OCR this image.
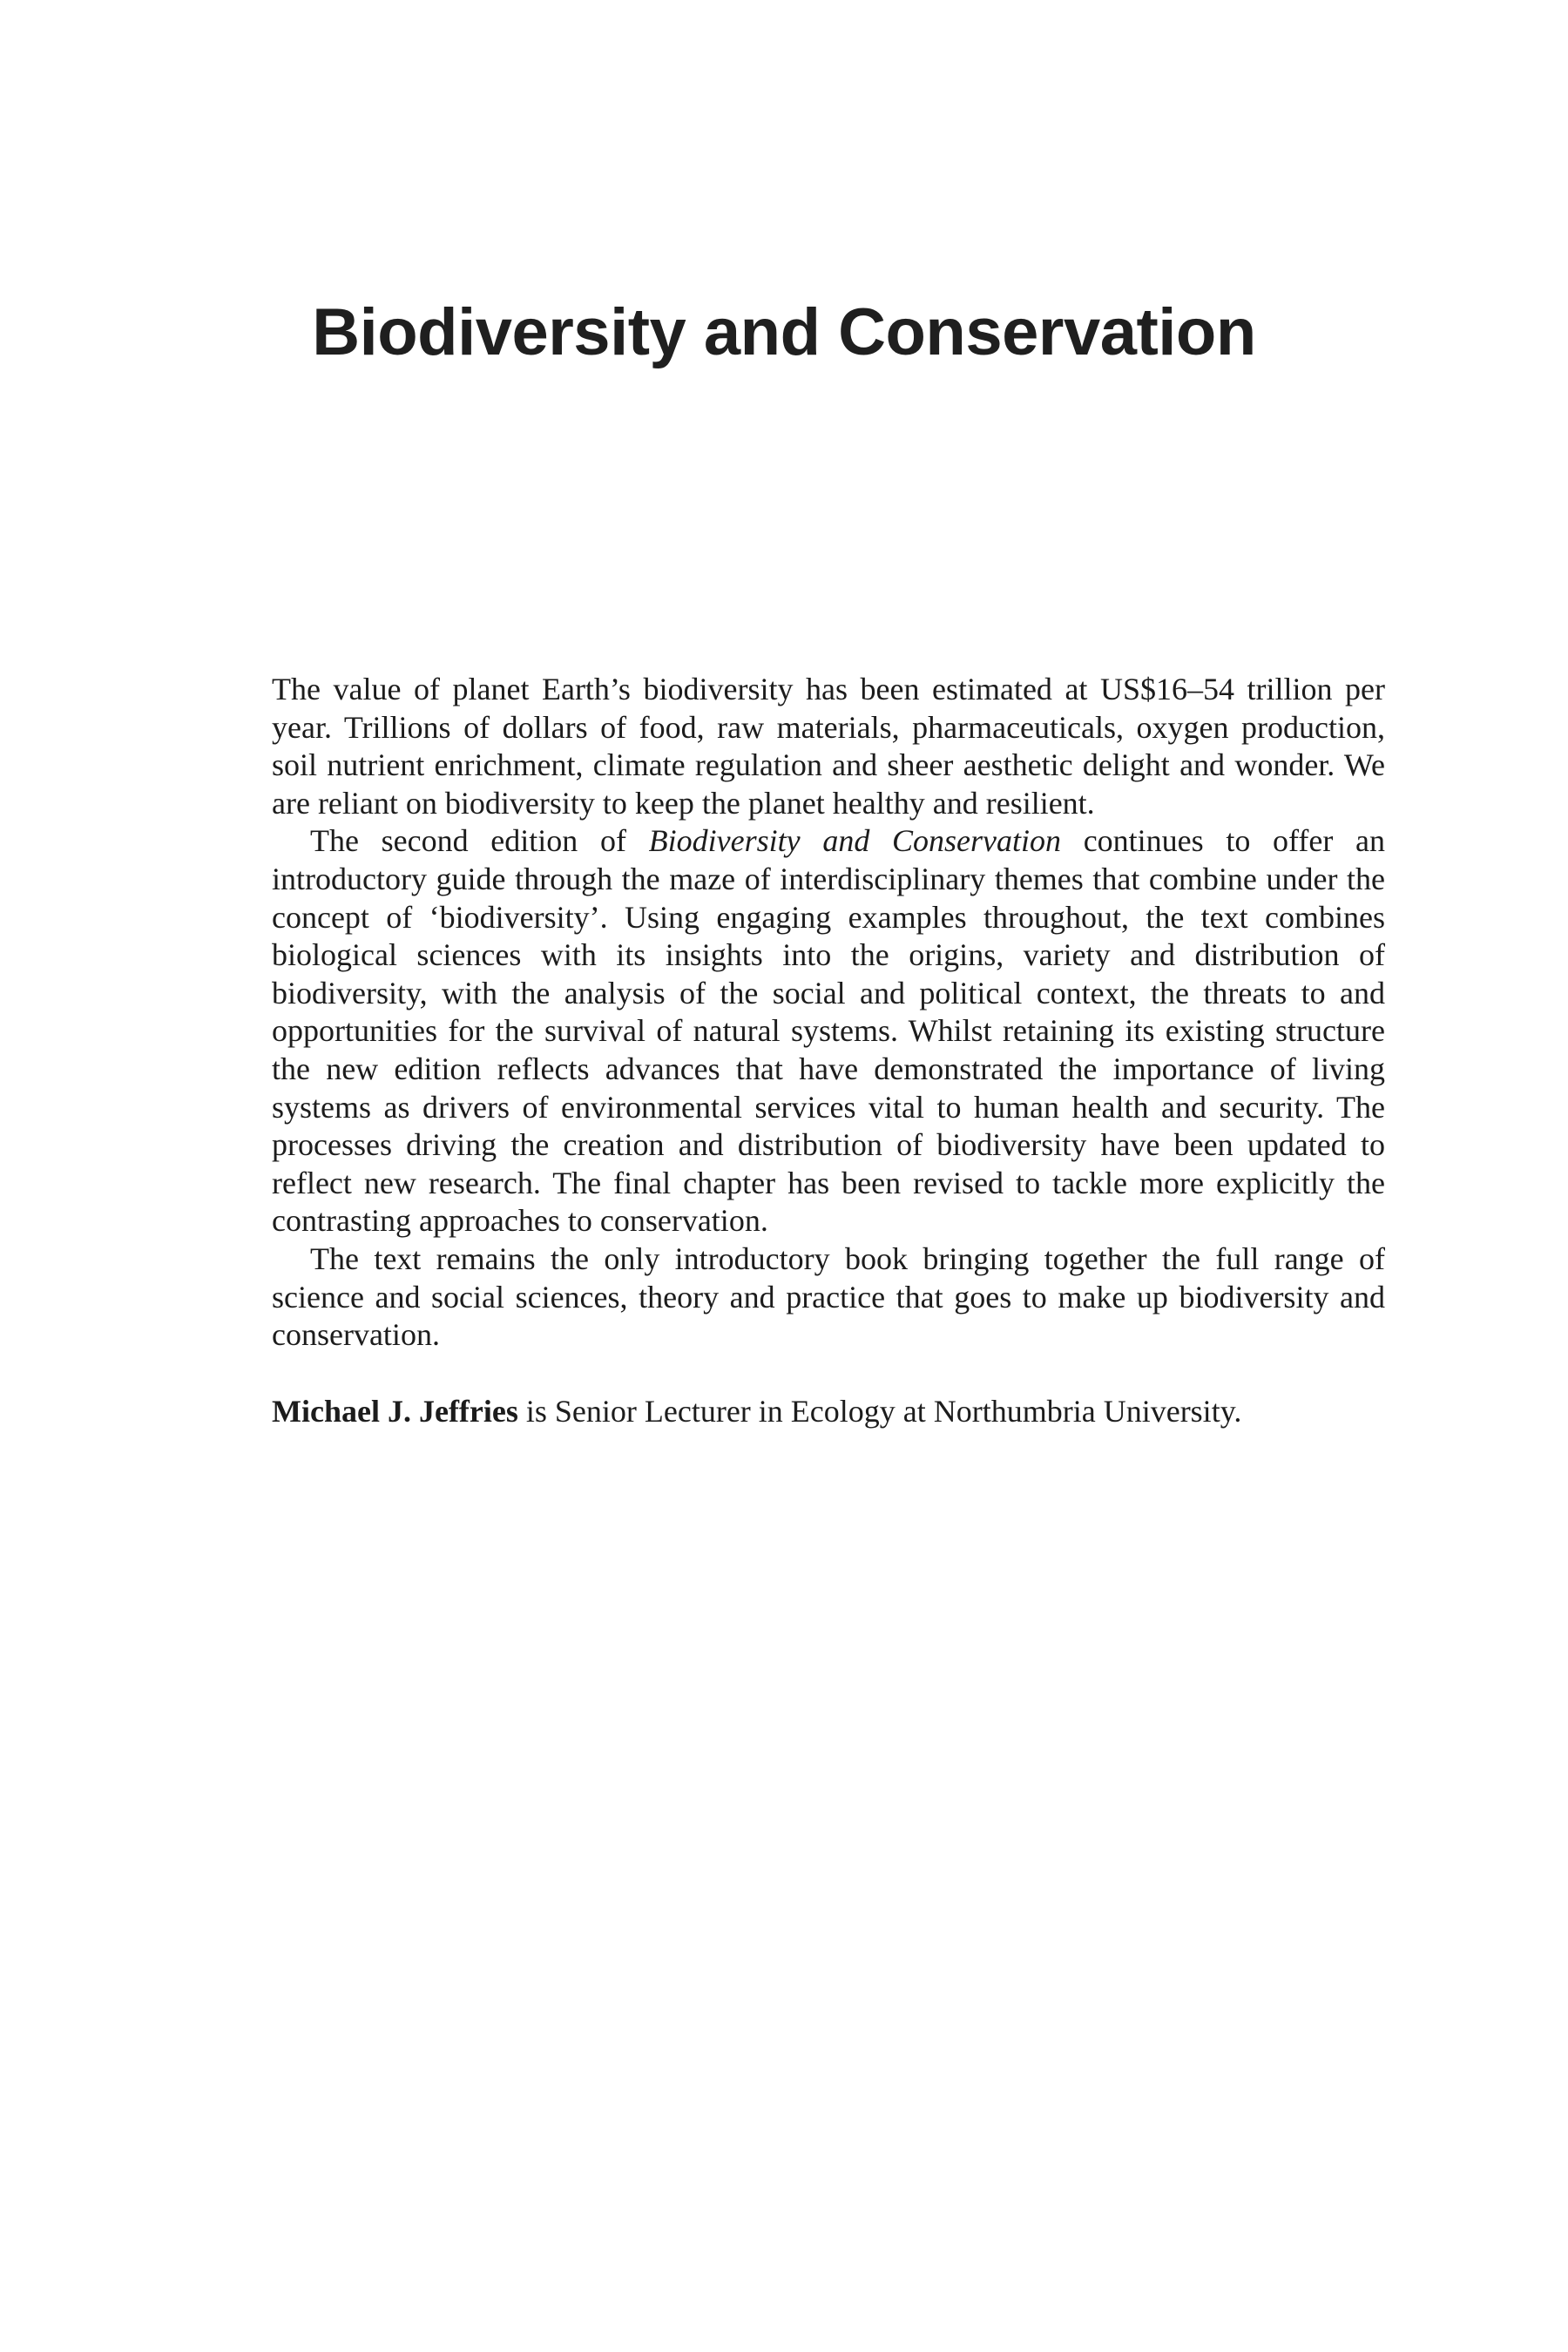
Biodiversity and Conservation

The value of planet Earth’s biodiversity has been estimated at US$16–54 trillion per year. Trillions of dollars of food, raw materials, pharmaceuticals, oxygen production, soil nutrient enrichment, climate regulation and sheer aesthetic delight and wonder. We are reliant on biodiversity to keep the planet healthy and resilient.

The second edition of Biodiversity and Conservation continues to offer an introductory guide through the maze of interdisciplinary themes that combine under the concept of ‘biodiversity’. Using engaging examples throughout, the text combines biological sciences with its insights into the origins, variety and distribution of biodiversity, with the analysis of the social and political context, the threats to and opportunities for the survival of natural systems. Whilst retaining its existing structure the new edition reflects advances that have demonstrated the importance of living systems as drivers of environmental services vital to human health and security. The processes driving the creation and distribution of biodiversity have been updated to reflect new research. The final chapter has been revised to tackle more explicitly the contrasting approaches to conservation.

The text remains the only introductory book bringing together the full range of science and social sciences, theory and practice that goes to make up biodiversity and conservation.

Michael J. Jeffries is Senior Lecturer in Ecology at Northumbria University.
